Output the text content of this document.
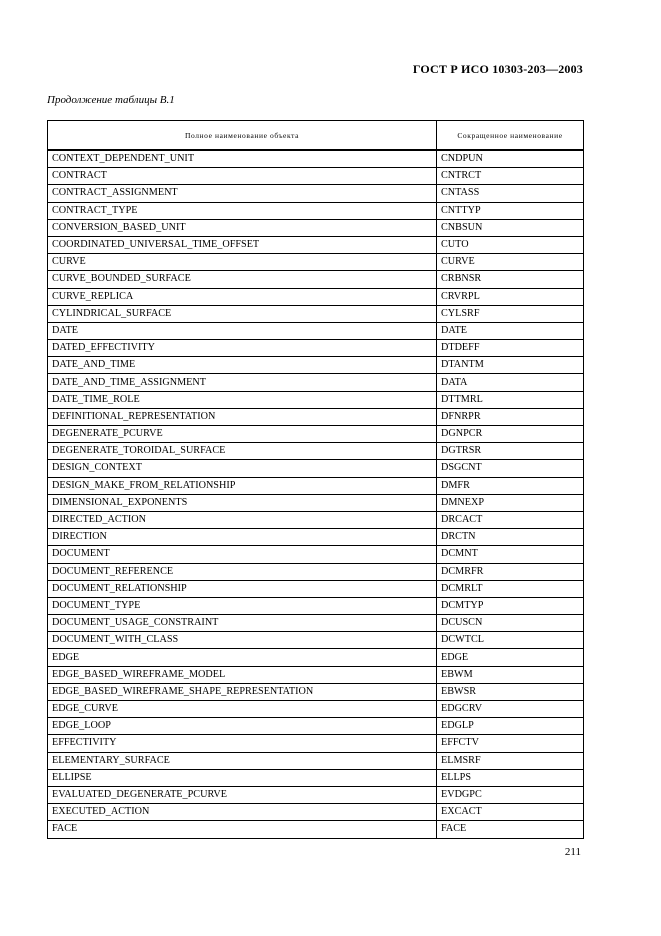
ГОСТ Р ИСО 10303-203—2003
Продолжение таблицы B.1
Полное наименование объекта	Сокращенное наименование
CONTEXT_DEPENDENT_UNIT	CNDPUN
CONTRACT	CNTRCT
CONTRACT_ASSIGNMENT	CNTASS
CONTRACT_TYPE	CNTTYP
CONVERSION_BASED_UNIT	CNBSUN
COORDINATED_UNIVERSAL_TIME_OFFSET	CUTO
CURVE	CURVE
CURVE_BOUNDED_SURFACE	CRBNSR
CURVE_REPLICA	CRVRPL
CYLINDRICAL_SURFACE	CYLSRF
DATE	DATE
DATED_EFFECTIVITY	DTDEFF
DATE_AND_TIME	DTANTM
DATE_AND_TIME_ASSIGNMENT	DATA
DATE_TIME_ROLE	DTTMRL
DEFINITIONAL_REPRESENTATION	DFNRPR
DEGENERATE_PCURVE	DGNPCR
DEGENERATE_TOROIDAL_SURFACE	DGTRSR
DESIGN_CONTEXT	DSGCNT
DESIGN_MAKE_FROM_RELATIONSHIP	DMFR
DIMENSIONAL_EXPONENTS	DMNEXP
DIRECTED_ACTION	DRCACT
DIRECTION	DRCTN
DOCUMENT	DCMNT
DOCUMENT_REFERENCE	DCMRFR
DOCUMENT_RELATIONSHIP	DCMRLT
DOCUMENT_TYPE	DCMTYP
DOCUMENT_USAGE_CONSTRAINT	DCUSCN
DOCUMENT_WITH_CLASS	DCWTCL
EDGE	EDGE
EDGE_BASED_WIREFRAME_MODEL	EBWM
EDGE_BASED_WIREFRAME_SHAPE_REPRESENTATION	EBWSR
EDGE_CURVE	EDGCRV
EDGE_LOOP	EDGLP
EFFECTIVITY	EFFCTV
ELEMENTARY_SURFACE	ELMSRF
ELLIPSE	ELLPS
EVALUATED_DEGENERATE_PCURVE	EVDGPC
EXECUTED_ACTION	EXCACT
FACE	FACE
211
